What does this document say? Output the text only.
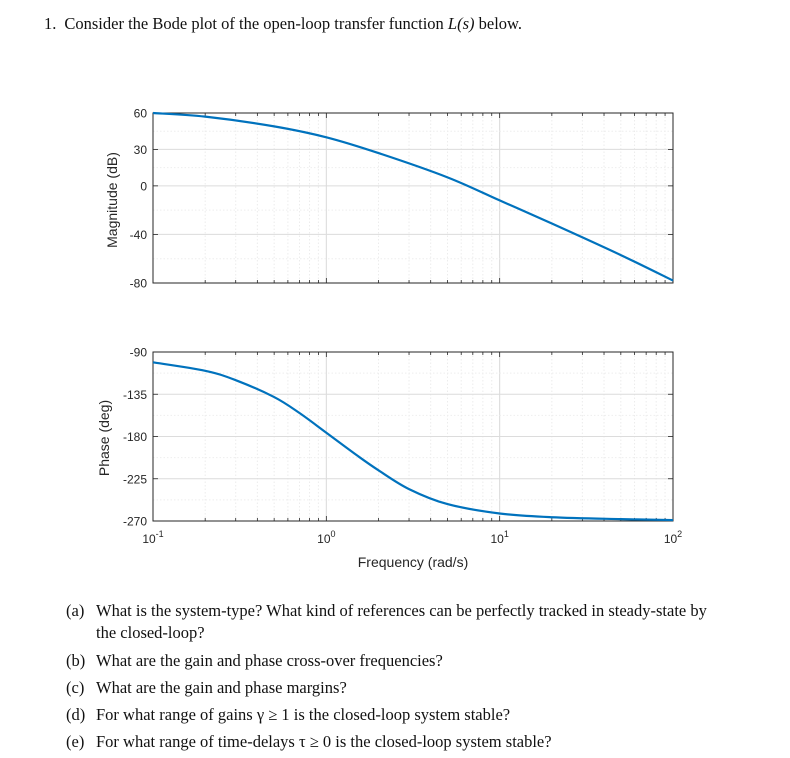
1. Consider the Bode plot of the open-loop transfer function L(s) below.
60
30
0
-40
-80
-90
-135
-180
-225
-270
$10^{-1}$	$10^0$	$10^1$	$10^2$
Magnitude (dB)
Phase (deg)
Frequency (rad/s)
(a) What is the system-type? What kind of references can be perfectly tracked in steady-state by the closed-loop?
(b) What are the gain and phase cross-over frequencies?
(c) What are the gain and phase margins?
(d) For what range of gains γ ≥ 1 is the closed-loop system stable?
(e) For what range of time-delays τ ≥ 0 is the closed-loop system stable?
